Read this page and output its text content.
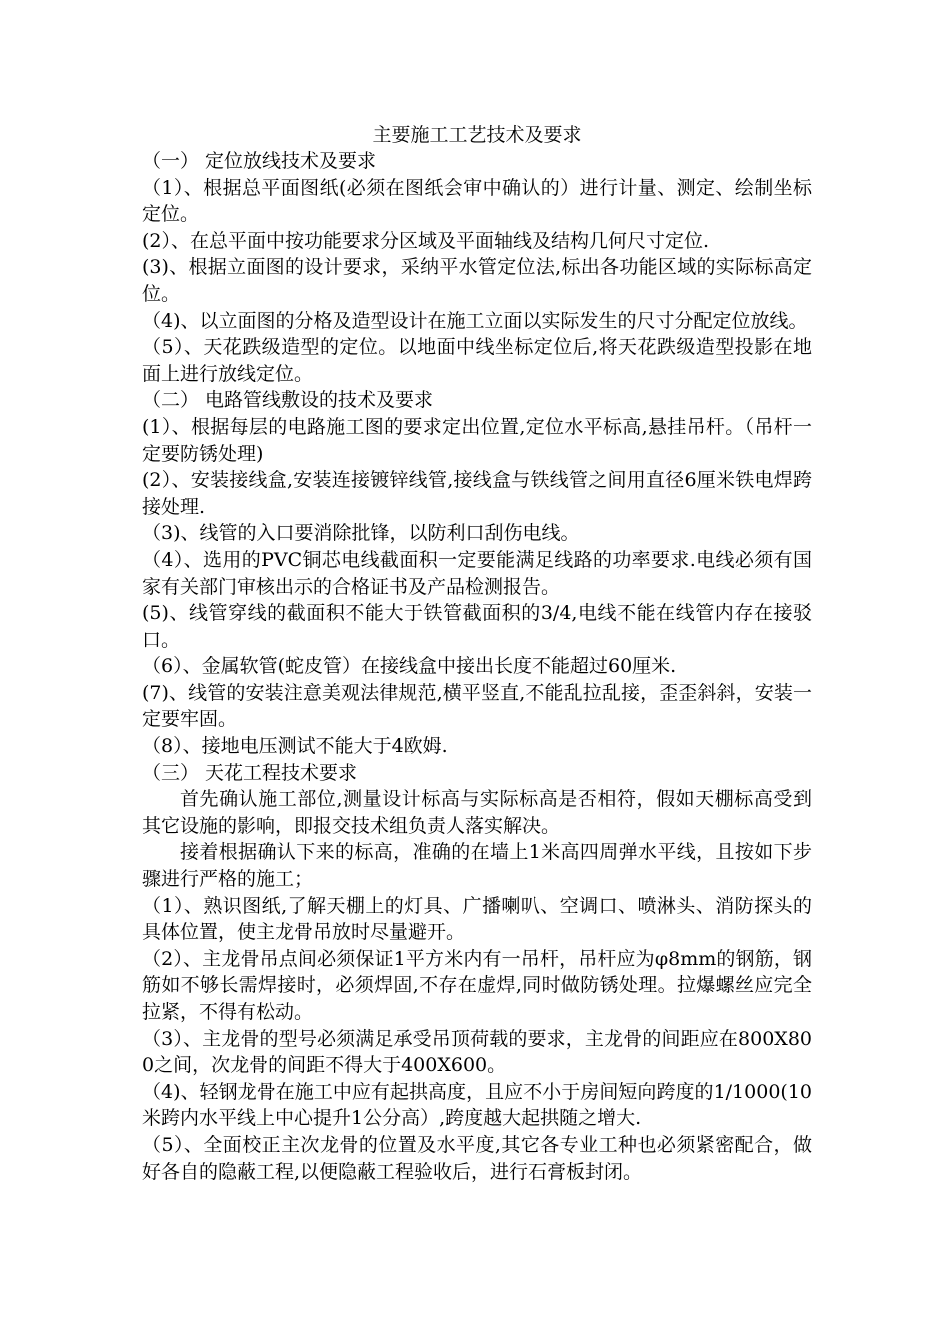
主要施工工艺技术及要求

（一） 定位放线技术及要求

（1）、根据总平面图纸(必须在图纸会审中确认的）进行计量、测定、绘制坐标定位。

(2）、在总平面中按功能要求分区域及平面轴线及结构几何尺寸定位.

(3)、根据立面图的设计要求，采纳平水管定位法,标出各功能区域的实际标高定位。

（4)、以立面图的分格及造型设计在施工立面以实际发生的尺寸分配定位放线。

（5）、天花跌级造型的定位。以地面中线坐标定位后,将天花跌级造型投影在地面上进行放线定位。

（二） 电路管线敷设的技术及要求

(1）、根据每层的电路施工图的要求定出位置,定位水平标高,悬挂吊杆。（吊杆一定要防锈处理)

(2）、安装接线盒,安装连接镀锌线管,接线盒与铁线管之间用直径6厘米铁电焊跨接处理.

（3)、线管的入口要消除批锋，以防利口刮伤电线。

（4）、选用的PVC铜芯电线截面积一定要能满足线路的功率要求.电线必须有国家有关部门审核出示的合格证书及产品检测报告。

(5)、线管穿线的截面积不能大于铁管截面积的3/4,电线不能在线管内存在接驳口。

（6）、金属软管(蛇皮管）在接线盒中接出长度不能超过60厘米.

(7)、线管的安装注意美观法律规范,横平竖直,不能乱拉乱接，歪歪斜斜，安装一定要牢固。

（8）、接地电压测试不能大于4欧姆.

（三） 天花工程技术要求

首先确认施工部位,测量设计标高与实际标高是否相符，假如天棚标高受到其它设施的影响，即报交技术组负责人落实解决。

接着根据确认下来的标高，准确的在墙上1米高四周弹水平线，且按如下步骤进行严格的施工；

（1）、熟识图纸,了解天棚上的灯具、广播喇叭、空调口、喷淋头、消防探头的具体位置，使主龙骨吊放时尽量避开。

（2）、主龙骨吊点间必须保证1平方米内有一吊杆，吊杆应为φ8mm的钢筋，钢筋如不够长需焊接时，必须焊固,不存在虚焊,同时做防锈处理。拉爆螺丝应完全拉紧，不得有松动。

（3）、主龙骨的型号必须满足承受吊顶荷载的要求，主龙骨的间距应在800X800之间，次龙骨的间距不得大于400X600。

（4)、轻钢龙骨在施工中应有起拱高度，且应不小于房间短向跨度的1/1000(10米跨内水平线上中心提升1公分高）,跨度越大起拱随之增大.

（5）、全面校正主次龙骨的位置及水平度,其它各专业工种也必须紧密配合，做好各自的隐蔽工程,以便隐蔽工程验收后，进行石膏板封闭。
